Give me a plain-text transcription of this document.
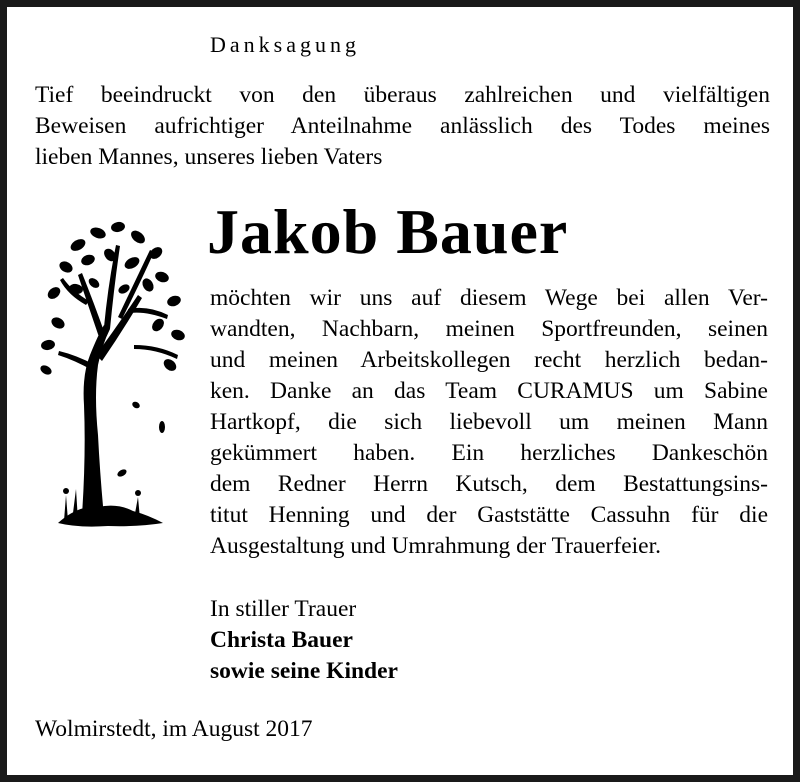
Danksagung
Tief beeindruckt von den überaus zahlreichen und vielfältigen
Beweisen aufrichtiger Anteilnahme anlässlich des Todes meines
lieben Mannes, unseres lieben Vaters
Jakob Bauer
möchten wir uns auf diesem Wege bei allen Ver-
wandten, Nachbarn, meinen Sportfreunden, seinen
und meinen Arbeitskollegen recht herzlich bedan-
ken. Danke an das Team CURAMUS um Sabine
Hartkopf, die sich liebevoll um meinen Mann
gekümmert haben. Ein herzliches Dankeschön
dem Redner Herrn Kutsch, dem Bestattungsins-
titut Henning und der Gaststätte Cassuhn für die
Ausgestaltung und Umrahmung der Trauerfeier.
In stiller Trauer
Christa Bauer
sowie seine Kinder
Wolmirstedt, im August 2017
